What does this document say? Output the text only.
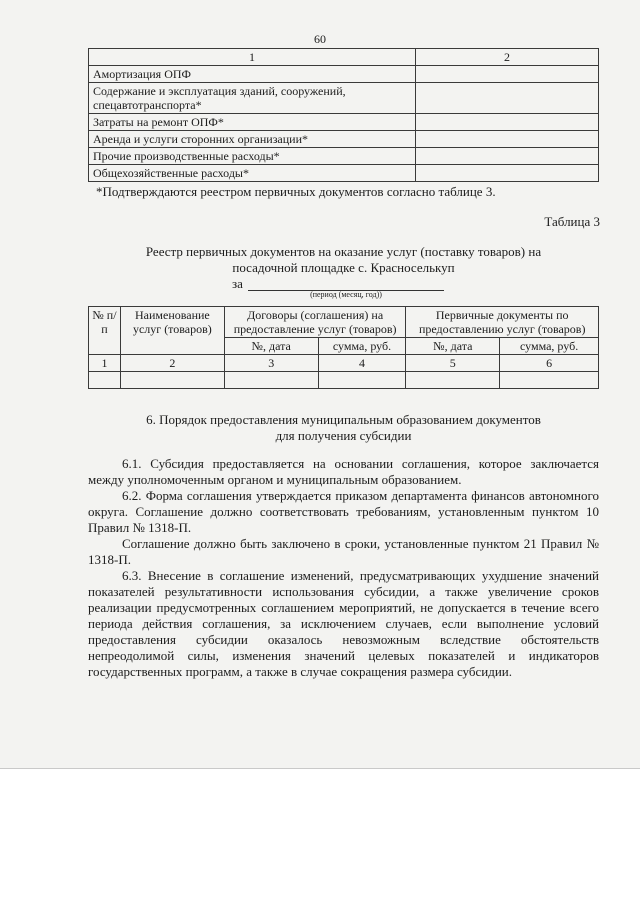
60
1	2
Амортизация ОПФ	
Содержание и эксплуатация зданий, сооружений, спецавтотранспорта*	
Затраты на ремонт ОПФ*	
Аренда и услуги сторонних организации*	
Прочие производственные расходы*	
Общехозяйственные расходы*	
*Подтверждаются реестром первичных документов согласно таблице 3.
Таблица 3
Реестр первичных документов на оказание услуг (поставку товаров) на
посадочной площадке с. Красноселькуп
за
(период (месяц, год))
№ п/п	Наименование услуг (товаров)	Договоры (соглашения) на предоставление услуг (товаров)		Первичные документы по предоставлению услуг (товаров)	
		№, дата	сумма, руб.	№, дата	сумма, руб.
1	2	3	4	5	6

6. Порядок предоставления муниципальным образованием документов
для получения субсидии

6.1. Субсидия предоставляется на основании соглашения, которое заключается между уполномоченным органом и муниципальным образованием.

6.2. Форма соглашения утверждается приказом департамента финансов автономного округа. Соглашение должно соответствовать требованиям, установленным пунктом 10 Правил № 1318-П.

Соглашение должно быть заключено в сроки, установленные пунктом 21 Правил № 1318-П.

6.3. Внесение в соглашение изменений, предусматривающих ухудшение значений показателей результативности использования субсидии, а также увеличение сроков реализации предусмотренных соглашением мероприятий, не допускается в течение всего периода действия соглашения, за исключением случаев, если выполнение условий предоставления субсидии оказалось невозможным вследствие обстоятельств непреодолимой силы, изменения значений целевых показателей и индикаторов государственных программ, а также в случае сокращения размера субсидии.
